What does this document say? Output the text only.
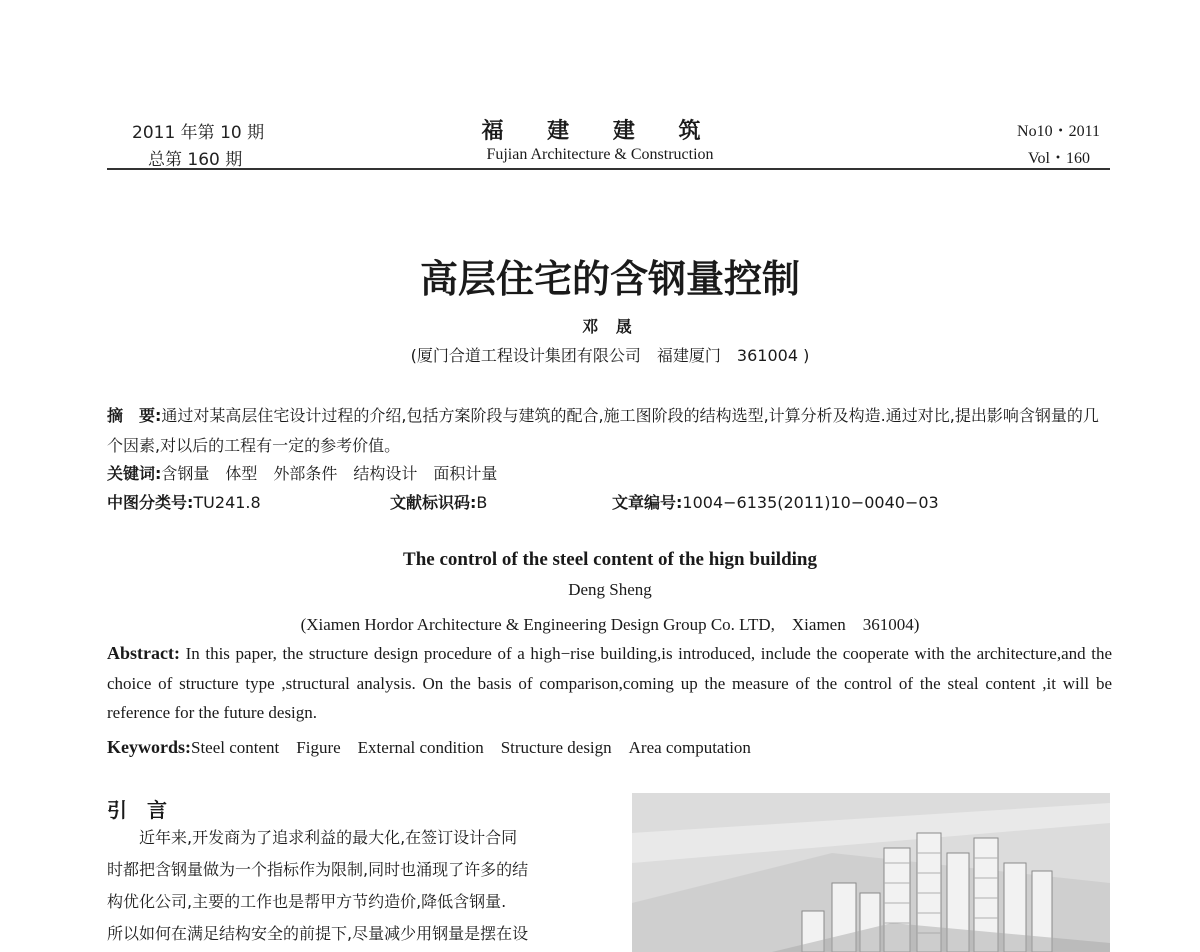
2011 年第 10 期
总第 160 期
福 建 建 筑
Fujian Architecture & Construction
No10・2011
Vol・160
高层住宅的含钢量控制
邓 晟
(厦门合道工程设计集团有限公司　福建厦门　361004 )
摘　要:通过对某高层住宅设计过程的介绍,包括方案阶段与建筑的配合,施工图阶段的结构选型,计算分析及构造.通过对比,提出影响含钢量的几个因素,对以后的工程有一定的参考价值。
关键词:含钢量　体型　外部条件　结构设计　面积计量
中图分类号:TU241.8	文献标识码:B	文章编号:1004−6135(2011)10−0040−03
The control of the steel content of the hign building
Deng Sheng
(Xiamen Hordor Architecture & Engineering Design Group Co. LTD,　Xiamen　361004)
Abstract: In this paper, the structure design procedure of a high−rise building,is introduced, include the cooperate with the architecture,and the choice of structure type ,structural analysis. On the basis of comparison,coming up the measure of the control of the steal content ,it will be reference for the future design.
Keywords:Steel content　Figure　External condition　Structure design　Area computation
引　言
近年来,开发商为了追求利益的最大化,在签订设计合同
时都把含钢量做为一个指标作为限制,同时也涌现了许多的结
构优化公司,主要的工作也是帮甲方节约造价,降低含钢量.
所以如何在满足结构安全的前提下,尽量减少用钢量是摆在设
